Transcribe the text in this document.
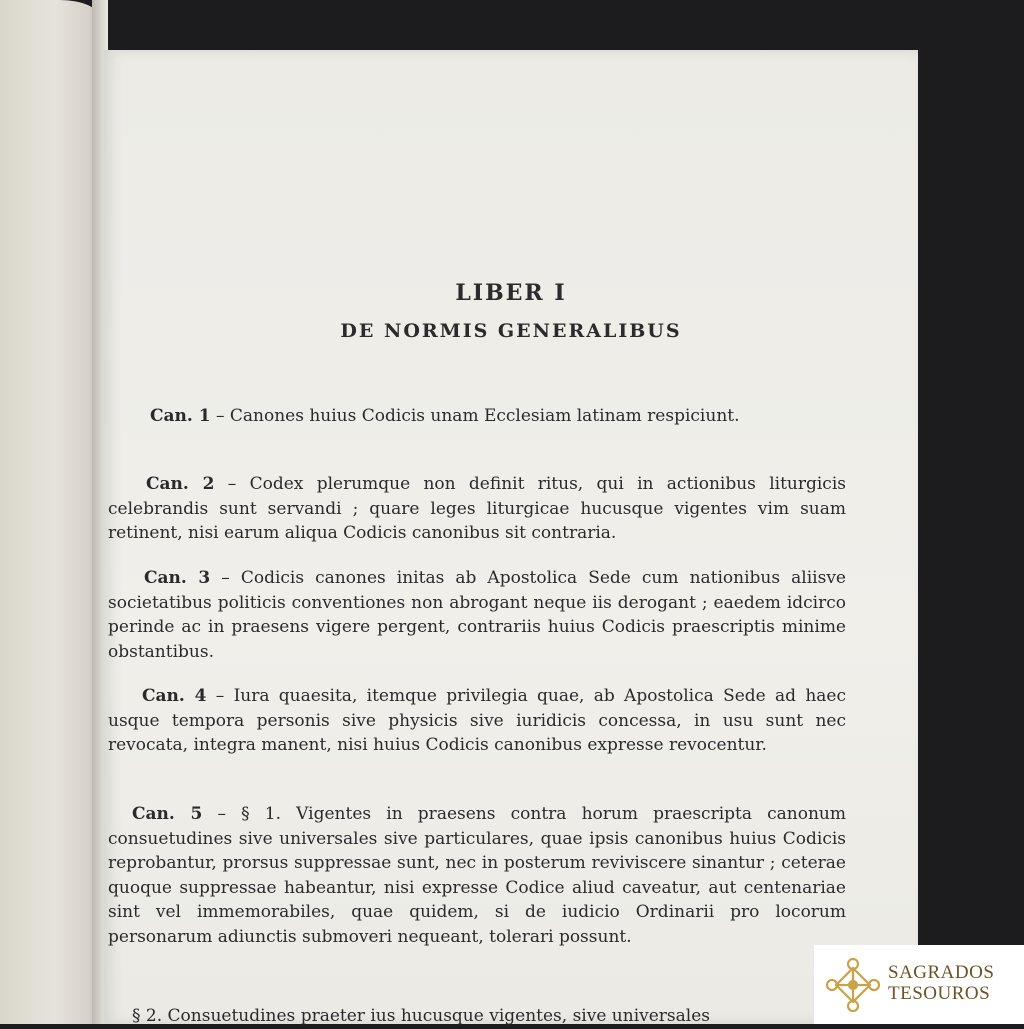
LIBER I
DE NORMIS GENERALIBUS

Can. 1 – Canones huius Codicis unam Ecclesiam latinam respiciunt.

Can. 2 – Codex plerumque non definit ritus, qui in actionibus liturgicis celebrandis sunt servandi ; quare leges liturgicae hucusque vigentes vim suam retinent, nisi earum aliqua Codicis canonibus sit contraria.

Can. 3 – Codicis canones initas ab Apostolica Sede cum nationibus aliisve societatibus politicis conventiones non abrogant neque iis derogant ; eaedem idcirco perinde ac in praesens vigere pergent, contrariis huius Codicis praescriptis minime obstantibus.

Can. 4 – Iura quaesita, itemque privilegia quae, ab Apostolica Sede ad haec usque tempora personis sive physicis sive iuridicis concessa, in usu sunt nec revocata, integra manent, nisi huius Codicis canonibus expresse revocentur.

Can. 5 – § 1. Vigentes in praesens contra horum praescripta canonum consuetudines sive universales sive particulares, quae ipsis canonibus huius Codicis reprobantur, prorsus suppressae sunt, nec in posterum reviviscere sinantur ; ceterae quoque suppressae habeantur, nisi expresse Codice aliud caveatur, aut centenariae sint vel immemorabiles, quae quidem, si de iudicio Ordinarii pro locorum personarum adiunctis submoveri nequeant, tolerari possunt.

§ 2. Consuetudines praeter ius hucusque vigentes, sive universales

SAGRADOS
TESOUROS
